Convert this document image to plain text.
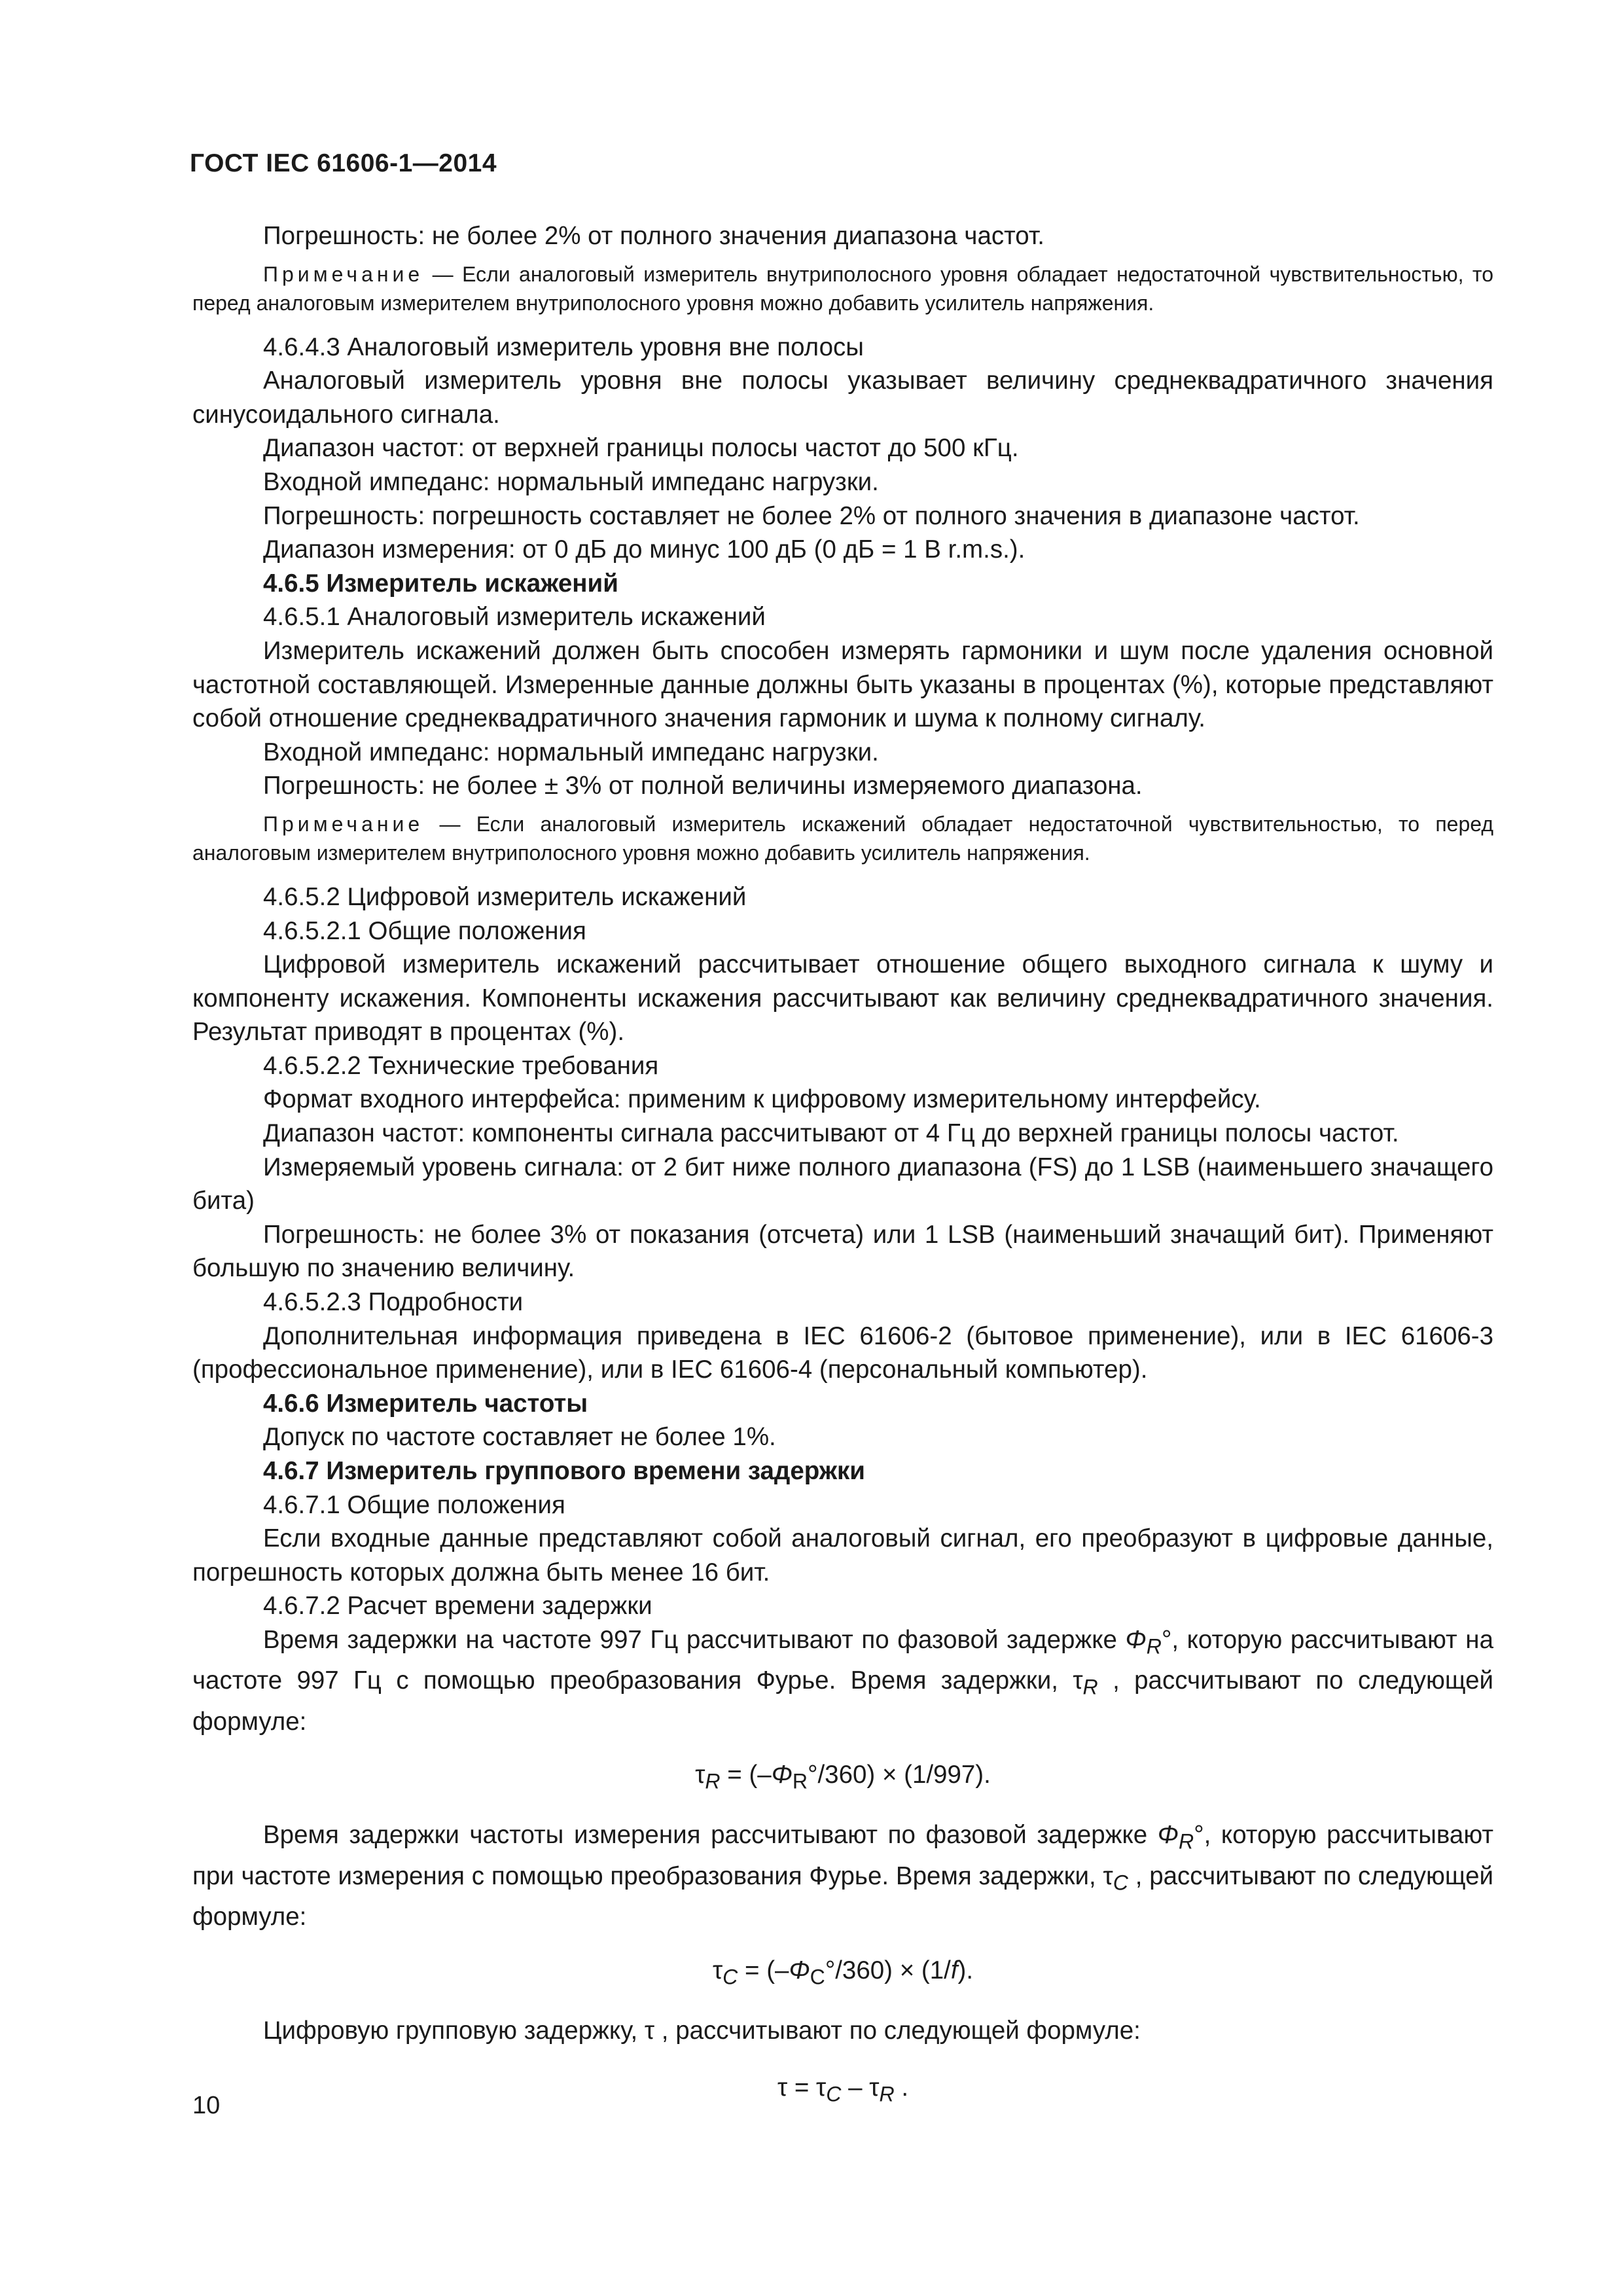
ГОСТ IEC 61606-1—2014

Погрешность: не более 2% от полного значения диапазона частот.

Примечание — Если аналоговый измеритель внутриполосного уровня обладает недостаточной чувствительностью, то перед аналоговым измерителем внутриполосного уровня можно добавить усилитель напряжения.

4.6.4.3 Аналоговый измеритель уровня вне полосы

Аналоговый измеритель уровня вне полосы указывает величину среднеквадратичного значения синусоидального сигнала.

Диапазон частот: от верхней границы полосы частот до 500 кГц.

Входной импеданс: нормальный импеданс нагрузки.

Погрешность: погрешность составляет не более 2% от полного значения в диапазоне частот.

Диапазон измерения: от 0 дБ до минус 100 дБ (0 дБ = 1 В r.m.s.).

4.6.5 Измеритель искажений

4.6.5.1 Аналоговый измеритель искажений

Измеритель искажений должен быть способен измерять гармоники и шум после удаления основной частотной составляющей. Измеренные данные должны быть указаны в процентах (%), которые представляют собой отношение среднеквадратичного значения гармоник и шума к полному сигналу.

Входной импеданс: нормальный импеданс нагрузки.

Погрешность: не более ± 3% от полной величины измеряемого диапазона.

Примечание — Если аналоговый измеритель искажений обладает недостаточной чувствительностью, то перед аналоговым измерителем внутриполосного уровня можно добавить усилитель напряжения.

4.6.5.2 Цифровой измеритель искажений

4.6.5.2.1 Общие положения

Цифровой измеритель искажений рассчитывает отношение общего выходного сигнала к шуму и компоненту искажения. Компоненты искажения рассчитывают как величину среднеквадратичного значения. Результат приводят в процентах (%).

4.6.5.2.2 Технические требования

Формат входного интерфейса: применим к цифровому измерительному интерфейсу.

Диапазон частот: компоненты сигнала рассчитывают от 4 Гц до верхней границы полосы частот.

Измеряемый уровень сигнала: от 2 бит ниже полного диапазона (FS) до 1 LSB (наименьшего значащего бита)

Погрешность: не более 3% от показания (отсчета) или 1 LSB (наименьший значащий бит). Применяют большую по значению величину.

4.6.5.2.3 Подробности

Дополнительная информация приведена в IEC 61606-2 (бытовое применение), или в IEC 61606-3 (профессиональное применение), или в IEC 61606-4 (персональный компьютер).

4.6.6 Измеритель частоты

Допуск по частоте составляет не более 1%.

4.6.7 Измеритель группового времени задержки

4.6.7.1 Общие положения

Если входные данные представляют собой аналоговый сигнал, его преобразуют в цифровые данные, погрешность которых должна быть менее 16 бит.

4.6.7.2 Расчет времени задержки

Время задержки на частоте 997 Гц рассчитывают по фазовой задержке $\Phi_R^\circ$, которую рассчитывают на частоте 997 Гц с помощью преобразования Фурье. Время задержки, $\tau_R$ , рассчитывают по следующей формуле:

$\tau_R = (-\Phi_R^\circ/360) \times (1/997)$.

Время задержки частоты измерения рассчитывают по фазовой задержке $\Phi_R^\circ$, которую рассчитывают при частоте измерения с помощью преобразования Фурье. Время задержки, $\tau_C$ , рассчитывают по следующей формуле:

$\tau_C = (-\Phi_C^\circ/360) \times (1/f)$.

Цифровую групповую задержку, τ , рассчитывают по следующей формуле:

$\tau = \tau_C - \tau_R$ .

10
